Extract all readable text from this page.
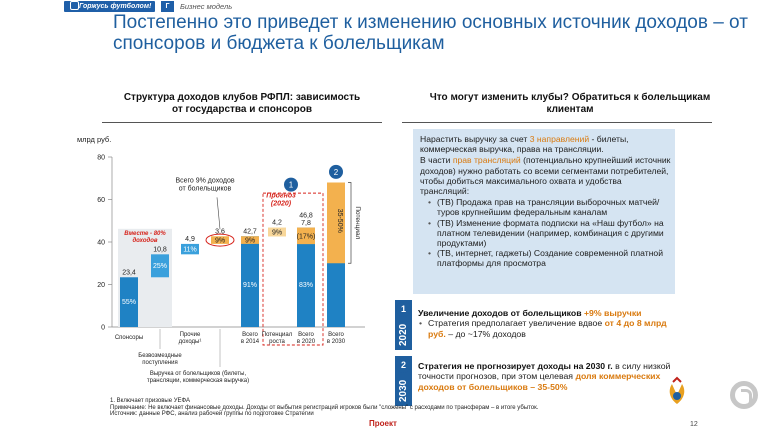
Горжусь футболом!	Г	Бизнес модель
Постепенно это приведет к изменению основных источник доходов – от спонсоров и бюджета к болельщикам
Структура доходов клубов РФПЛ: зависимость от государства и спонсоров
Что могут изменить клубы? Обратиться к болельщикам клиентам
млрд руб.
0
20
40
60
80
Вместе - 80% доходов
23,4
55%
10,8
25%
4,9
11%
3,6
9%
Всего 9% доходов от болельщиков
42,7
9%
91%
4,2
9%
46,8
7,8
(17%)
83%
Прогноз (2020)
1
35-50%
2
Потенциал
Спонсоры	Прочие доходы¹
Всего в 2014
Потенциал роста
Всего в 2020
Всего в 2030
Безвозмездные поступления
Выручка от болельщиков (билеты, трансляции, коммерческая выручка)

Нарастить выручку за счет 3 направлений - билеты, коммерческая выручка, права на трансляции.

В части прав трансляций (потенциально крупнейший источник доходов) нужно работать со всеми сегментами потребителей, чтобы добиться максимального охвата и удобства трансляций:

• (ТВ) Продажа прав на трансляции выборочных матчей/туров крупнейшим федеральным каналам
• (ТВ) Изменение формата подписки на «Наш футбол» на платном телевидении (например, комбинация с другими продуктами)
• (ТВ, интернет, гаджеты) Создание современной платной платформы для просмотра
2020
1	Увеличение доходов от болельщиков +9% выручки
• Стратегия предполагает увеличение вдвое от 4 до 8 млрд руб. – до ~17% доходов
2030
2	Стратегия не прогнозирует доходы на 2030 г. в силу низкой точности прогнозов, при этом целевая доля коммерческих доходов от болельщиков – 35-50%
1. Включает призовые УЕФА
Примечание: Не включает финансовые доходы. Доходы от выбытия регистраций игроков были "сложены" с расходами по трансферам – в итоге убыток.
Источник: данные РФС, анализ рабочей группы по подготовке Стратегии
Проект	12
